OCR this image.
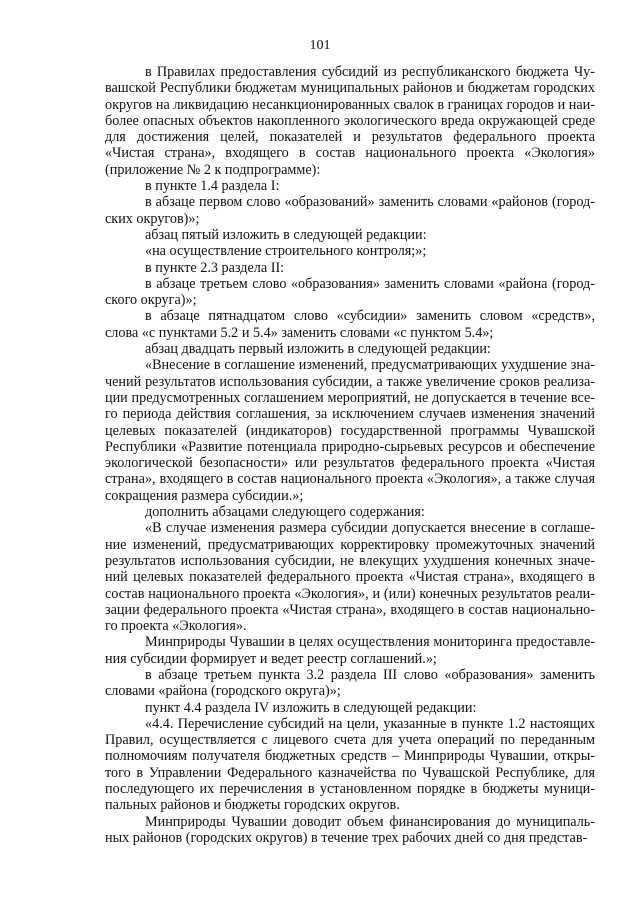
101

в Правилах предоставления субсидий из республиканского бюджета Чувашской Республики бюджетам муниципальных районов и бюджетам городских округов на ликвидацию несанкционированных свалок в границах городов и наиболее опасных объектов накопленного экологического вреда окружающей среде для достижения целей, показателей и результатов федерального проекта «Чистая страна», входящего в состав национального проекта «Экология» (приложение № 2 к подпрограмме):

в пункте 1.4 раздела I:

в абзаце первом слово «образований» заменить словами «районов (городских округов)»;

абзац пятый изложить в следующей редакции:

«на осуществление строительного контроля;»;

в пункте 2.3 раздела II:

в абзаце третьем слово «образования» заменить словами «района (городского округа)»;

в абзаце пятнадцатом слово «субсидии» заменить словом «средств», слова «с пунктами 5.2 и 5.4» заменить словами «с пунктом 5.4»;

абзац двадцать первый изложить в следующей редакции:

«Внесение в соглашение изменений, предусматривающих ухудшение значений результатов использования субсидии, а также увеличение сроков реализации предусмотренных соглашением мероприятий, не допускается в течение всего периода действия соглашения, за исключением случаев изменения значений целевых показателей (индикаторов) государственной программы Чувашской Республики «Развитие потенциала природно-сырьевых ресурсов и обеспечение экологической безопасности» или результатов федерального проекта «Чистая страна», входящего в состав национального проекта «Экология», а также случая сокращения размера субсидии.»;

дополнить абзацами следующего содержания:

«В случае изменения размера субсидии допускается внесение в соглашение изменений, предусматривающих корректировку промежуточных значений результатов использования субсидии, не влекущих ухудшения конечных значений целевых показателей федерального проекта «Чистая страна», входящего в состав национального проекта «Экология», и (или) конечных результатов реализации федерального проекта «Чистая страна», входящего в состав национального проекта «Экология».

Минприроды Чувашии в целях осуществления мониторинга предоставления субсидии формирует и ведет реестр соглашений.»;

в абзаце третьем пункта 3.2 раздела III слово «образования» заменить словами «района (городского округа)»;

пункт 4.4 раздела IV изложить в следующей редакции:

«4.4. Перечисление субсидий на цели, указанные в пункте 1.2 настоящих Правил, осуществляется с лицевого счета для учета операций по переданным полномочиям получателя бюджетных средств – Минприроды Чувашии, открытого в Управлении Федерального казначейства по Чувашской Республике, для последующего их перечисления в установленном порядке в бюджеты муниципальных районов и бюджеты городских округов.

Минприроды Чувашии доводит объем финансирования до муниципальных районов (городских округов) в течение трех рабочих дней со дня представ-
